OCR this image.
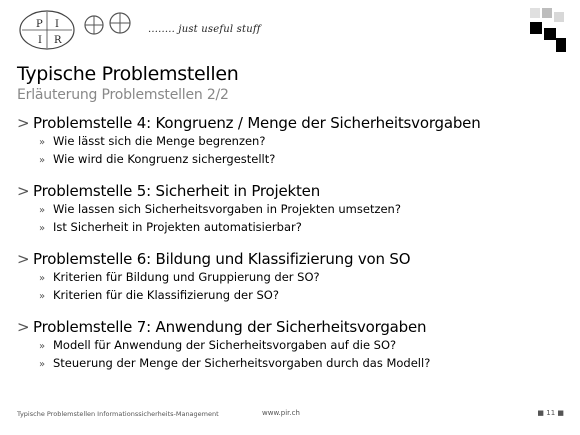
P I
I R
........ just useful stuff
Typische Problemstellen
Erläuterung Problemstellen 2/2
> Problemstelle 4: Kongruenz / Menge der Sicherheitsvorgaben
» Wie lässt sich die Menge begrenzen?
» Wie wird die Kongruenz sichergestellt?
> Problemstelle 5: Sicherheit in Projekten
» Wie lassen sich Sicherheitsvorgaben in Projekten umsetzen?
» Ist Sicherheit in Projekten automatisierbar?
> Problemstelle 6: Bildung und Klassifizierung von SO
» Kriterien für Bildung und Gruppierung der SO?
» Kriterien für die Klassifizierung der SO?
> Problemstelle 7: Anwendung der Sicherheitsvorgaben
» Modell für Anwendung der Sicherheitsvorgaben auf die SO?
» Steuerung der Menge der Sicherheitsvorgaben durch das Modell?
Typische Problemstellen Informationssicherheits-Management	www.pir.ch	■ 11 ■
